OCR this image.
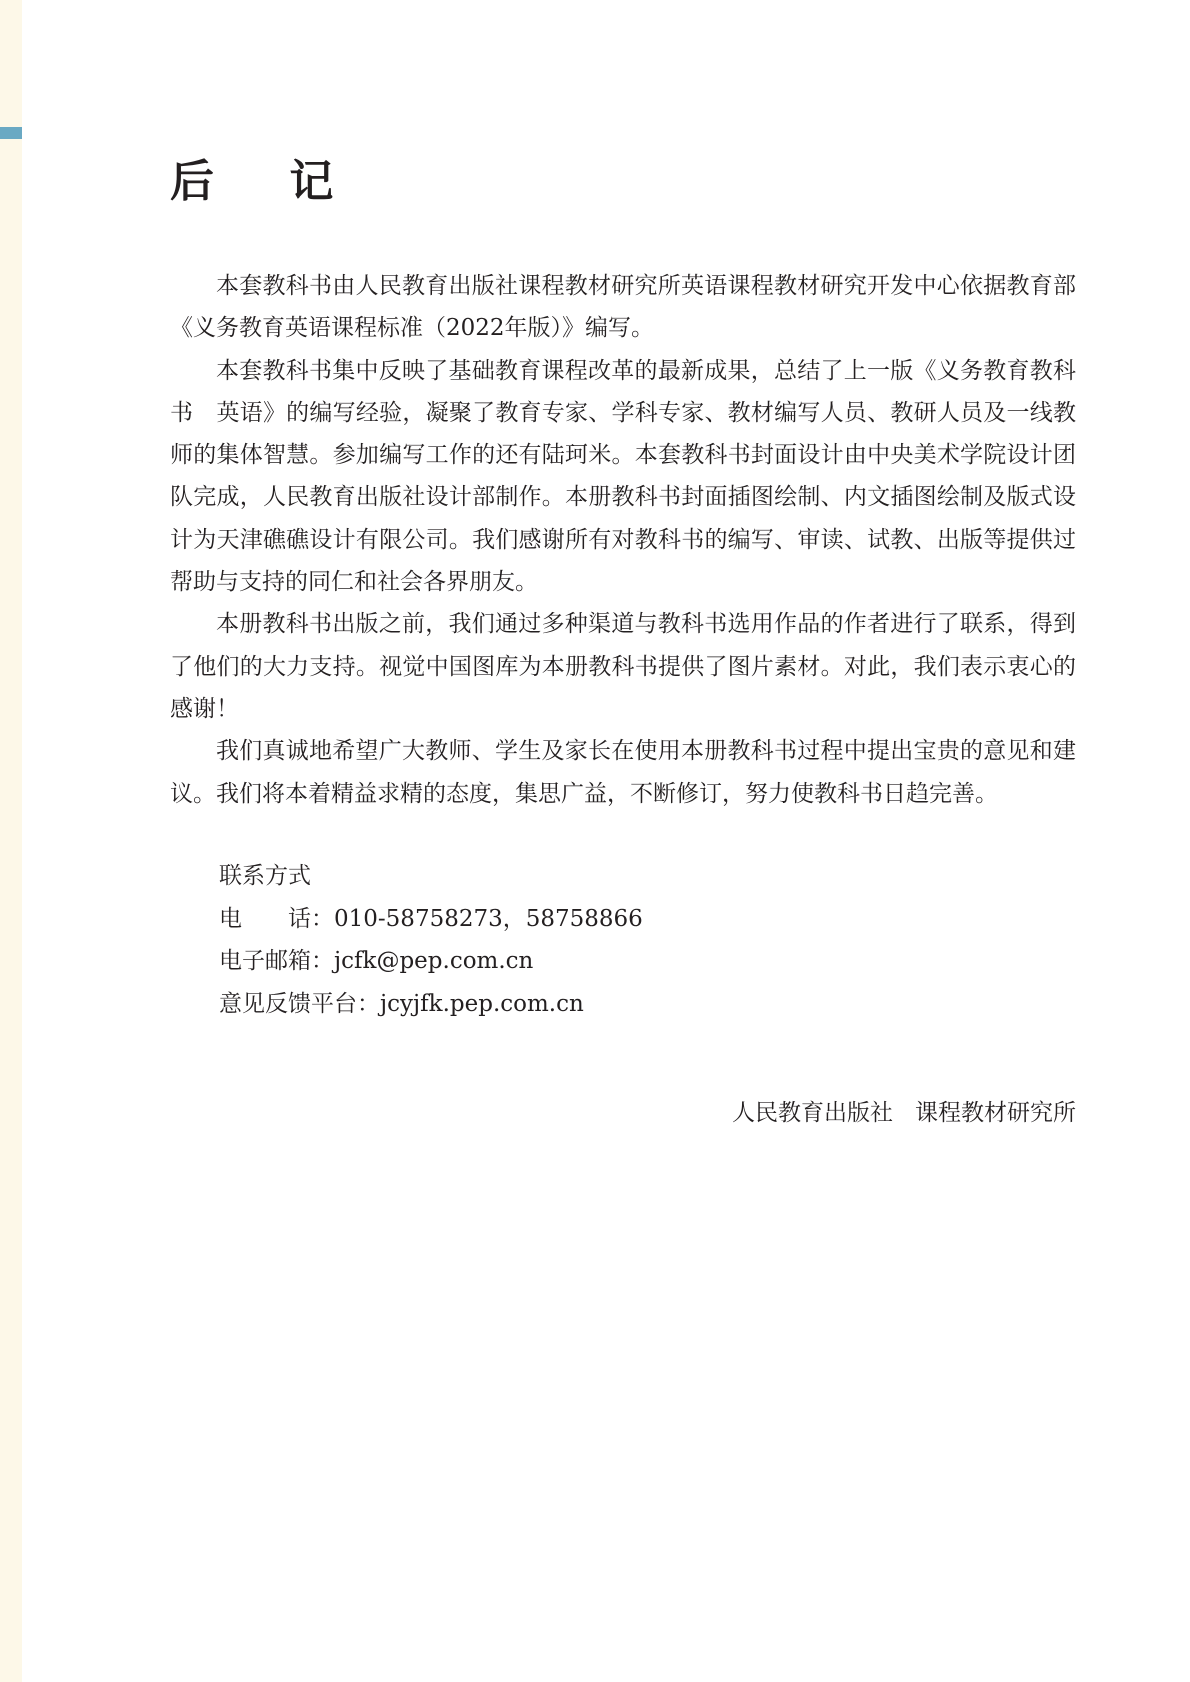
后 记

本套教科书由人民教育出版社课程教材研究所英语课程教材研究开发中心依据教育部《义务教育英语课程标准（2022年版）》编写。

本套教科书集中反映了基础教育课程改革的最新成果，总结了上一版《义务教育教科书　英语》的编写经验，凝聚了教育专家、学科专家、教材编写人员、教研人员及一线教师的集体智慧。参加编写工作的还有陆珂米。本套教科书封面设计由中央美术学院设计团队完成，人民教育出版社设计部制作。本册教科书封面插图绘制、内文插图绘制及版式设计为天津礁礁设计有限公司。我们感谢所有对教科书的编写、审读、试教、出版等提供过帮助与支持的同仁和社会各界朋友。

本册教科书出版之前，我们通过多种渠道与教科书选用作品的作者进行了联系，得到了他们的大力支持。视觉中国图库为本册教科书提供了图片素材。对此，我们表示衷心的感谢！

我们真诚地希望广大教师、学生及家长在使用本册教科书过程中提出宝贵的意见和建议。我们将本着精益求精的态度，集思广益，不断修订，努力使教科书日趋完善。

联系方式
电　　话：010-58758273，58758866
电子邮箱：jcfk@pep.com.cn
意见反馈平台：jcyjfk.pep.com.cn
人民教育出版社 课程教材研究所
